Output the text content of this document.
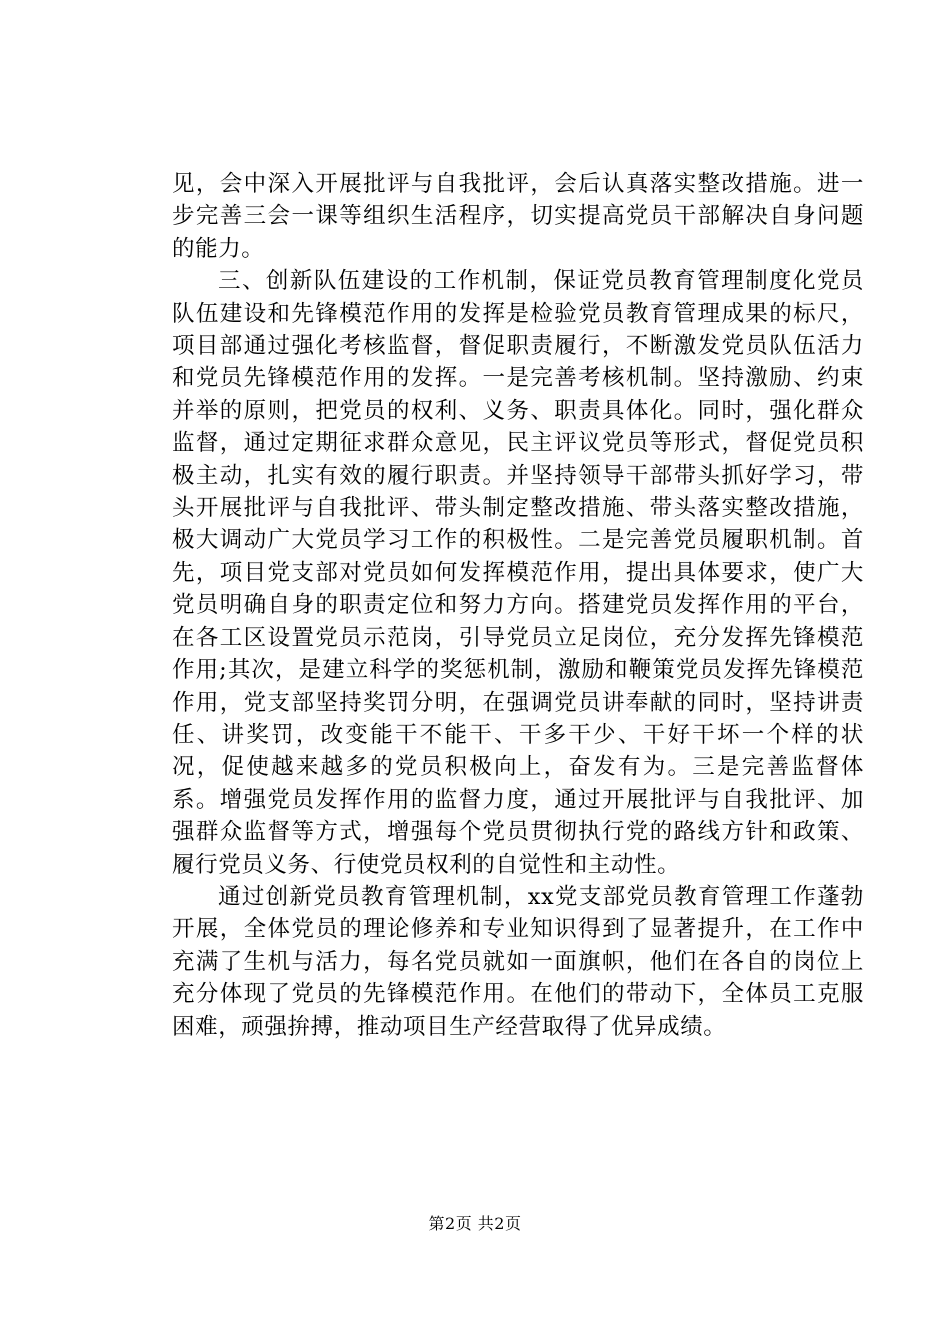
见，会中深入开展批评与自我批评，会后认真落实整改措施。进一步完善三会一课等组织生活程序，切实提高党员干部解决自身问题的能力。

三、创新队伍建设的工作机制，保证党员教育管理制度化党员队伍建设和先锋模范作用的发挥是检验党员教育管理成果的标尺，项目部通过强化考核监督，督促职责履行，不断激发党员队伍活力和党员先锋模范作用的发挥。一是完善考核机制。坚持激励、约束并举的原则，把党员的权利、义务、职责具体化。同时，强化群众监督，通过定期征求群众意见，民主评议党员等形式，督促党员积极主动，扎实有效的履行职责。并坚持领导干部带头抓好学习，带头开展批评与自我批评、带头制定整改措施、带头落实整改措施，极大调动广大党员学习工作的积极性。二是完善党员履职机制。首先，项目党支部对党员如何发挥模范作用，提出具体要求，使广大党员明确自身的职责定位和努力方向。搭建党员发挥作用的平台，在各工区设置党员示范岗，引导党员立足岗位，充分发挥先锋模范作用;其次，是建立科学的奖惩机制，激励和鞭策党员发挥先锋模范作用，党支部坚持奖罚分明，在强调党员讲奉献的同时，坚持讲责任、讲奖罚，改变能干不能干、干多干少、干好干坏一个样的状况，促使越来越多的党员积极向上，奋发有为。三是完善监督体系。增强党员发挥作用的监督力度，通过开展批评与自我批评、加强群众监督等方式，增强每个党员贯彻执行党的路线方针和政策、履行党员义务、行使党员权利的自觉性和主动性。

通过创新党员教育管理机制，xx党支部党员教育管理工作蓬勃开展，全体党员的理论修养和专业知识得到了显著提升，在工作中充满了生机与活力，每名党员就如一面旗帜，他们在各自的岗位上充分体现了党员的先锋模范作用。在他们的带动下，全体员工克服困难，顽强拚搏，推动项目生产经营取得了优异成绩。

第2页 共2页
